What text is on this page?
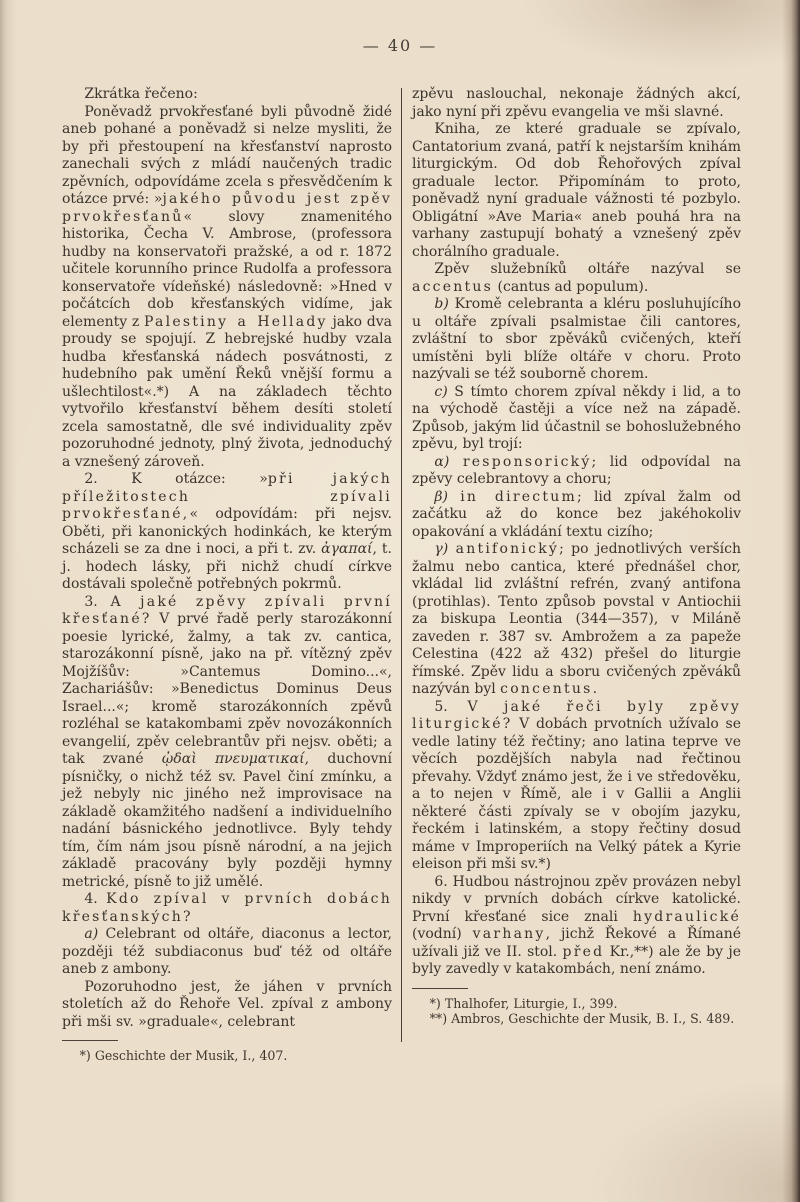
— 40 —

Zkrátka řečeno:

Poněvadž prvokřesťané byli původně židé aneb pohané a poněvadž si nelze mysliti, že by při přestoupení na křesťanství naprosto zanechali svých z mládí naučených tradic zpěvních, odpovídáme zcela s přesvědčením k otázce prvé: »jakého původu jest zpěv prvokřesťanů« slovy znamenitého historika, Čecha V. Ambrose, (professora hudby na konservatoři pražské, a od r. 1872 učitele korunního prince Rudolfa a professora konservatoře vídeňské) následovně: »Hned v počátcích dob křesťanských vidíme, jak elementy z Palestiny a Hellady jako dva proudy se spojují. Z hebrejské hudby vzala hudba křesťanská nádech posvátnosti, z hudebního pak umění Řeků vnější formu a ušlechtilost«.*) A na základech těchto vytvořilo křesťanství během desíti století zcela samostatně, dle své individuality zpěv pozoruhodné jednoty, plný života, jednoduchý a vznešený zároveň.

2. K otázce: »při jakých příležitostech zpívali prvokřesťané,« odpovídám: při nejsv. Oběti, při kanonických hodinkách, ke kterým scházeli se za dne i noci, a při t. zv. ἀγαπαί, t. j. hodech lásky, při nichž chudí církve dostávali společně potřebných pokrmů.

3. A jaké zpěvy zpívali první křesťané? V prvé řadě perly starozákonní poesie lyrické, žalmy, a tak zv. cantica, starozákonní písně, jako na př. vítězný zpěv Mojžíšův: »Cantemus Domino...«, Zachariášův: »Benedictus Dominus Deus Israel...«; kromě starozákonních zpěvů rozléhal se katakombami zpěv novozákonních evangelií, zpěv celebrantův při nejsv. oběti; a tak zvané ᾠδαὶ πνευματικαί, duchovní písničky, o nichž též sv. Pavel činí zmínku, a jež nebyly nic jiného než improvisace na základě okamžitého nadšení a individuelního nadání básnického jednotlivce. Byly tehdy tím, čím nám jsou písně národní, a na jejich základě pracovány byly později hymny metrické, písně to již umělé.

4. Kdo zpíval v prvních dobách křesťanských?

a) Celebrant od oltáře, diaconus a lector, později též subdiaconus buď též od oltáře aneb z ambony.

Pozoruhodno jest, že jáhen v prvních stoletích až do Řehoře Vel. zpíval z ambony při mši sv. »graduale«, celebrant

*) Geschichte der Musik, I., 407.

zpěvu naslouchal, nekonaje žádných akcí, jako nyní při zpěvu evangelia ve mši slavné.

Kniha, ze které graduale se zpívalo, Cantatorium zvaná, patří k nejstarším knihám liturgickým. Od dob Řehořových zpíval graduale lector. Připomínám to proto, poněvadž nyní graduale vážnosti té pozbylo. Obligátní »Ave Maria« aneb pouhá hra na varhany zastupují bohatý a vznešený zpěv chorálního graduale.

Zpěv služebníků oltáře nazýval se accentus (cantus ad populum).

b) Kromě celebranta a kléru posluhujícího u oltáře zpívali psalmistae čili cantores, zvláštní to sbor zpěváků cvičených, kteří umístěni byli blíže oltáře v choru. Proto nazývali se též souborně chorem.

c) S tímto chorem zpíval někdy i lid, a to na východě častěji a více než na západě. Způsob, jakým lid účastnil se bohoslužebného zpěvu, byl trojí:

α) responsorický; lid odpovídal na zpěvy celebrantovy a choru;

β) in directum; lid zpíval žalm od začátku až do konce bez jakéhokoliv opakování a vkládání textu cizího;

γ) antifonický; po jednotlivých verších žalmu nebo cantica, které přednášel chor, vkládal lid zvláštní refrén, zvaný antifona (protihlas). Tento způsob povstal v Antiochii za biskupa Leontia (344—357), v Miláně zaveden r. 387 sv. Ambrožem a za papeže Celestina (422 až 432) přešel do liturgie římské. Zpěv lidu a sboru cvičených zpěváků nazýván byl concentus.

5. V jaké řeči byly zpěvy liturgické? V dobách prvotních užívalo se vedle latiny též řečtiny; ano latina teprve ve věcích pozdějších nabyla nad řečtinou převahy. Vždyť známo jest, že i ve středověku, a to nejen v Římě, ale i v Gallii a Anglii některé části zpívaly se v obojím jazyku, řeckém i latinském, a stopy řečtiny dosud máme v Improperiích na Velký pátek a Kyrie eleison při mši sv.*)

6. Hudbou nástrojnou zpěv provázen nebyl nikdy v prvních dobách církve katolické. První křesťané sice znali hydraulické (vodní) varhany, jichž Řekové a Římané užívali již ve II. stol. před Kr.,**) ale že by je byly zavedly v katakombách, není známo.

*) Thalhofer, Liturgie, I., 399.

**) Ambros, Geschichte der Musik, B. I., S. 489.
